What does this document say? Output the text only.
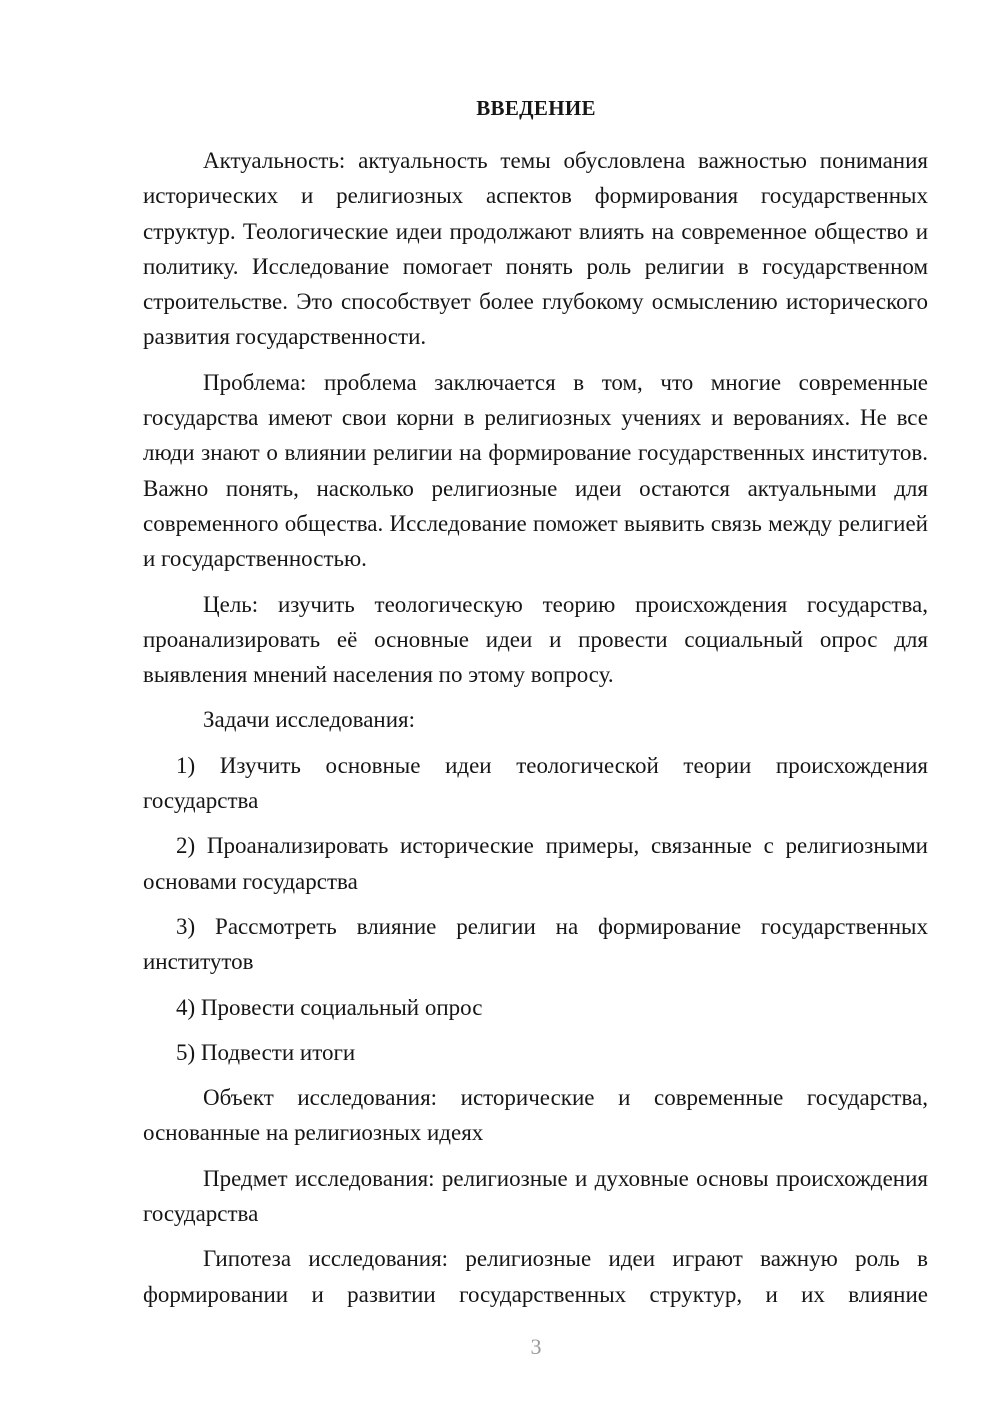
ВВЕДЕНИЕ

Актуальность: актуальность темы обусловлена важностью понимания исторических и религиозных аспектов формирования государственных структур. Теологические идеи продолжают влиять на современное общество и политику. Исследование помогает понять роль религии в государственном строительстве. Это способствует более глубокому осмыслению исторического развития государственности.

Проблема: проблема заключается в том, что многие современные государства имеют свои корни в религиозных учениях и верованиях. Не все люди знают о влиянии религии на формирование государственных институтов. Важно понять, насколько религиозные идеи остаются актуальными для современного общества. Исследование поможет выявить связь между религией и государственностью.

Цель: изучить теологическую теорию происхождения государства, проанализировать её основные идеи и провести социальный опрос для выявления мнений населения по этому вопросу.

Задачи исследования:

1) Изучить основные идеи теологической теории происхождения государства

2) Проанализировать исторические примеры, связанные с религиозными основами государства

3) Рассмотреть влияние религии на формирование государственных институтов

4) Провести социальный опрос

5) Подвести итоги

Объект исследования: исторические и современные государства, основанные на религиозных идеях

Предмет исследования: религиозные и духовные основы происхождения государства

Гипотеза исследования: религиозные идеи играют важную роль в формировании и развитии государственных структур, и их влияние

3
